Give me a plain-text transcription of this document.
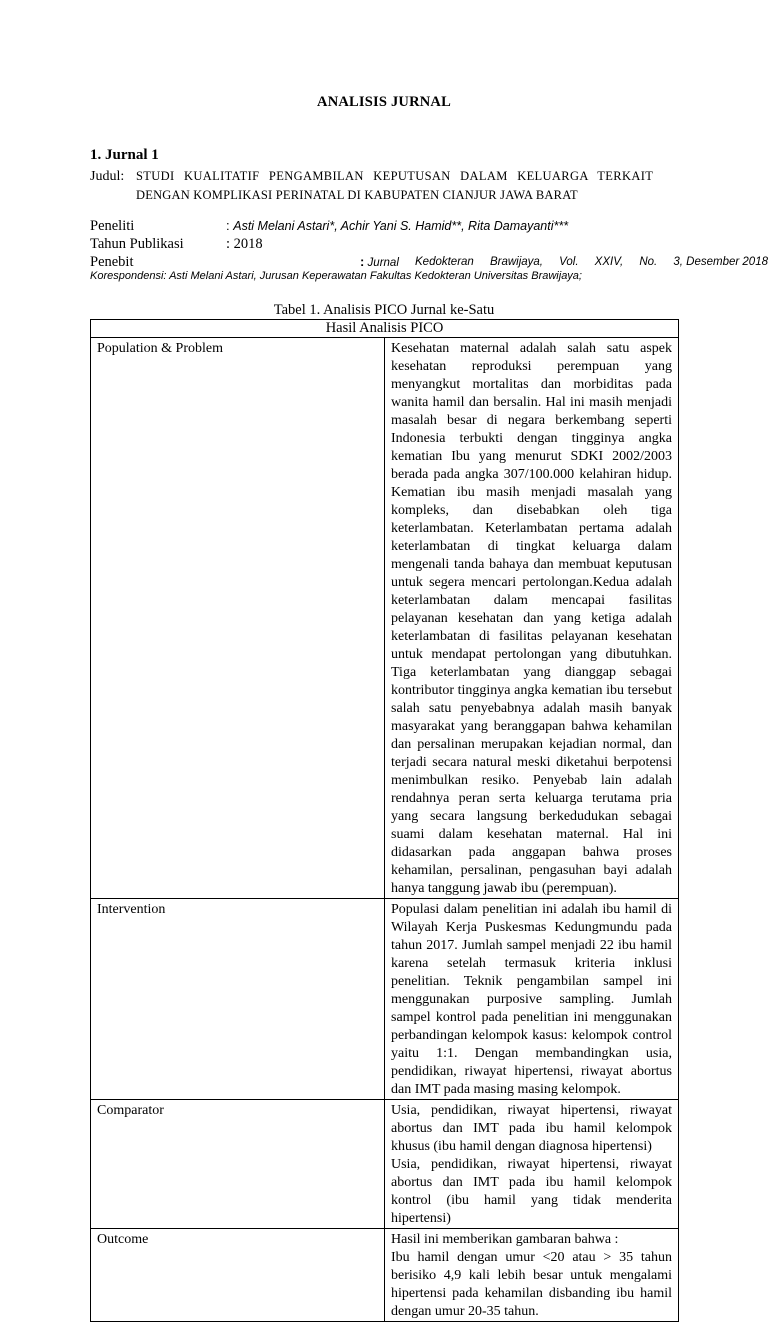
ANALISIS JURNAL
1. Jurnal 1
Judul: STUDI KUALITATIF PENGAMBILAN KEPUTUSAN DALAM KELUARGA TERKAIT
DENGAN KOMPLIKASI PERINATAL DI KABUPATEN CIANJUR JAWA BARAT
Peneliti	: Asti Melani Astari*, Achir Yani S. Hamid**, Rita Damayanti***
Tahun Publikasi	: 2018
Penebit	: Jurnal Kedokteran Brawijaya, Vol. XXIV, No. 3, Desember 2018
Korespondensi: Asti Melani Astari, Jurusan Keperawatan Fakultas Kedokteran Universitas Brawijaya;
Tabel 1. Analisis PICO Jurnal ke-Satu
Hasil Analisis PICO	
Population & Problem	Kesehatan maternal adalah salah satu aspek kesehatan reproduksi perempuan yang menyangkut mortalitas dan morbiditas pada wanita hamil dan bersalin. Hal ini masih menjadi masalah besar di negara berkembang seperti Indonesia terbukti dengan tingginya angka kematian Ibu yang menurut SDKI 2002/2003 berada pada angka 307/100.000 kelahiran hidup. Kematian ibu masih menjadi masalah yang kompleks, dan disebabkan oleh tiga keterlambatan. Keterlambatan pertama adalah keterlambatan di tingkat keluarga dalam mengenali tanda bahaya dan membuat keputusan untuk segera mencari pertolongan.Kedua adalah keterlambatan dalam mencapai fasilitas pelayanan kesehatan dan yang ketiga adalah keterlambatan di fasilitas pelayanan kesehatan untuk mendapat pertolongan yang dibutuhkan. Tiga keterlambatan yang dianggap sebagai kontributor tingginya angka kematian ibu tersebut salah satu penyebabnya adalah masih banyak masyarakat yang beranggapan bahwa kehamilan dan persalinan merupakan kejadian normal, dan terjadi secara natural meski diketahui berpotensi menimbulkan resiko. Penyebab lain adalah rendahnya peran serta keluarga terutama pria yang secara langsung berkedudukan sebagai suami dalam kesehatan maternal. Hal ini didasarkan pada anggapan bahwa proses kehamilan, persalinan, pengasuhan bayi adalah hanya tanggung jawab ibu (perempuan).

Intervention	Populasi dalam penelitian ini adalah ibu hamil di Wilayah Kerja Puskesmas Kedungmundu pada tahun 2017. Jumlah sampel menjadi 22 ibu hamil karena setelah termasuk kriteria inklusi penelitian. Teknik pengambilan sampel ini menggunakan purposive sampling. Jumlah sampel kontrol pada penelitian ini menggunakan perbandingan kelompok kasus: kelompok control yaitu 1:1. Dengan membandingkan usia, pendidikan, riwayat hipertensi, riwayat abortus dan IMT pada masing masing kelompok.

Comparator	Usia, pendidikan, riwayat hipertensi, riwayat abortus dan IMT pada ibu hamil kelompok khusus (ibu hamil dengan diagnosa hipertensi)

Usia, pendidikan, riwayat hipertensi, riwayat abortus dan IMT pada ibu hamil kelompok kontrol (ibu hamil yang tidak menderita hipertensi)

Outcome	Hasil ini memberikan gambaran bahwa :

Ibu hamil dengan umur <20 atau > 35 tahun berisiko 4,9 kali lebih besar untuk mengalami hipertensi pada kehamilan disbanding ibu hamil dengan umur 20-35 tahun.
